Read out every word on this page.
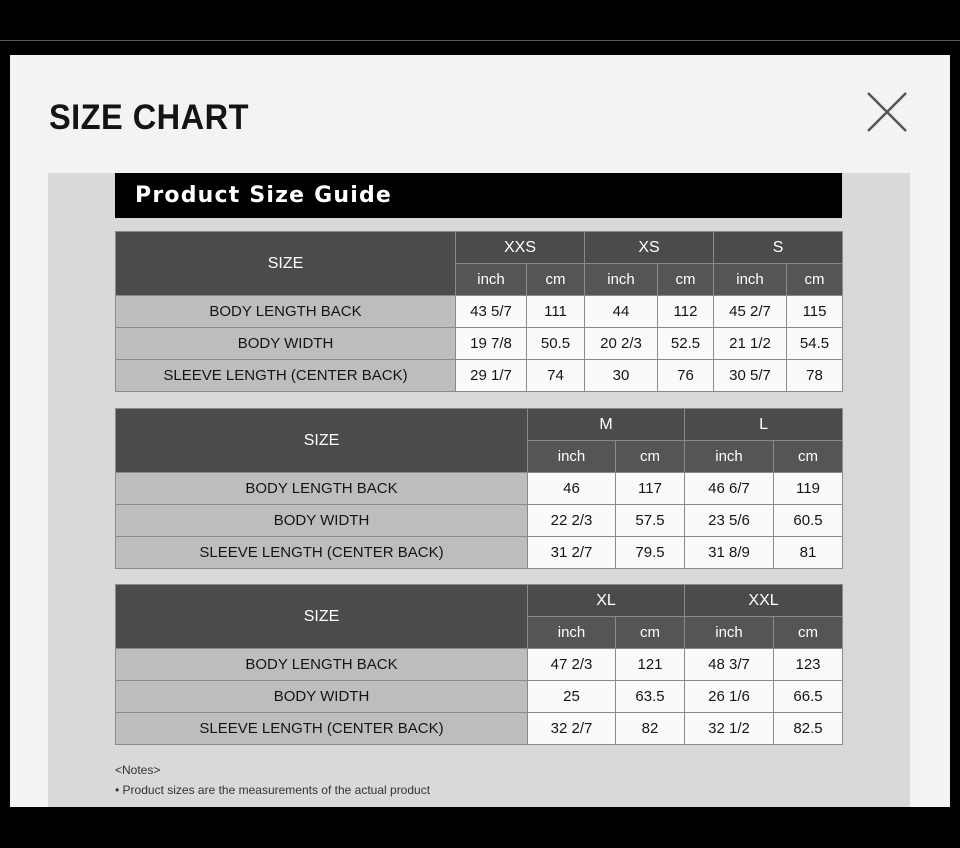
SIZE CHART
Product Size Guide
SIZE	XXS		XS		S	
	inch	cm	inch	cm	inch	cm
BODY LENGTH BACK	43 5/7	111	44	112	45 2/7	115
BODY WIDTH	19 7/8	50.5	20 2/3	52.5	21 1/2	54.5
SLEEVE LENGTH (CENTER BACK)	29 1/7	74	30	76	30 5/7	78
SIZE	M		L	
	inch	cm	inch	cm
BODY LENGTH BACK	46	117	46 6/7	119
BODY WIDTH	22 2/3	57.5	23 5/6	60.5
SLEEVE LENGTH (CENTER BACK)	31 2/7	79.5	31 8/9	81
SIZE	XL		XXL	
	inch	cm	inch	cm
BODY LENGTH BACK	47 2/3	121	48 3/7	123
BODY WIDTH	25	63.5	26 1/6	66.5
SLEEVE LENGTH (CENTER BACK)	32 2/7	82	32 1/2	82.5
<Notes>
• Product sizes are the measurements of the actual product
